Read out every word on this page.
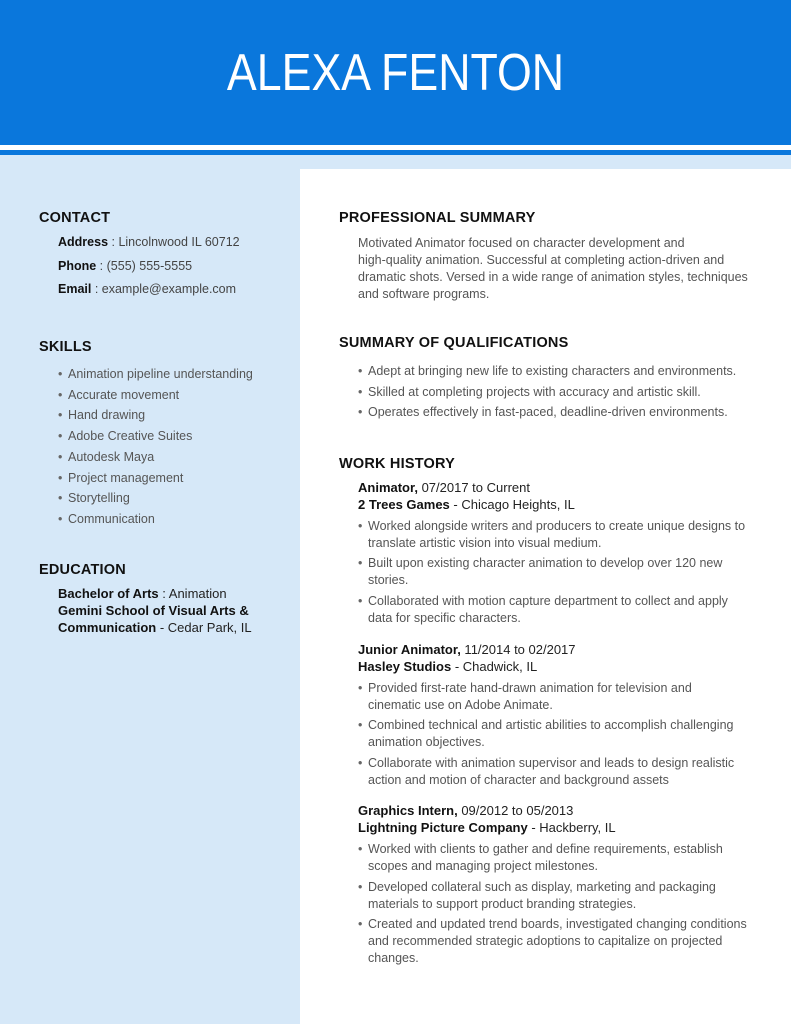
ALEXA FENTON
CONTACT
Address : Lincolnwood IL 60712
Phone : (555) 555-5555
Email : example@example.com
SKILLS
• Animation pipeline understanding
• Accurate movement
• Hand drawing
• Adobe Creative Suites
• Autodesk Maya
• Project management
• Storytelling
• Communication
EDUCATION
Bachelor of Arts : Animation
Gemini School of Visual Arts &
Communication - Cedar Park, IL
PROFESSIONAL SUMMARY
Motivated Animator focused on character development and
high-quality animation. Successful at completing action-driven and
dramatic shots. Versed in a wide range of animation styles, techniques
and software programs.
SUMMARY OF QUALIFICATIONS
• Adept at bringing new life to existing characters and environments.
• Skilled at completing projects with accuracy and artistic skill.
• Operates effectively in fast-paced, deadline-driven environments.
WORK HISTORY
Animator, 07/2017 to Current
2 Trees Games - Chicago Heights, IL
• Worked alongside writers and producers to create unique designs to
translate artistic vision into visual medium.
• Built upon existing character animation to develop over 120 new
stories.
• Collaborated with motion capture department to collect and apply
data for specific characters.
Junior Animator, 11/2014 to 02/2017
Hasley Studios - Chadwick, IL
• Provided first-rate hand-drawn animation for television and
cinematic use on Adobe Animate.
• Combined technical and artistic abilities to accomplish challenging
animation objectives.
• Collaborate with animation supervisor and leads to design realistic
action and motion of character and background assets
Graphics Intern, 09/2012 to 05/2013
Lightning Picture Company - Hackberry, IL
• Worked with clients to gather and define requirements, establish
scopes and managing project milestones.
• Developed collateral such as display, marketing and packaging
materials to support product branding strategies.
• Created and updated trend boards, investigated changing conditions
and recommended strategic adoptions to capitalize on projected
changes.
